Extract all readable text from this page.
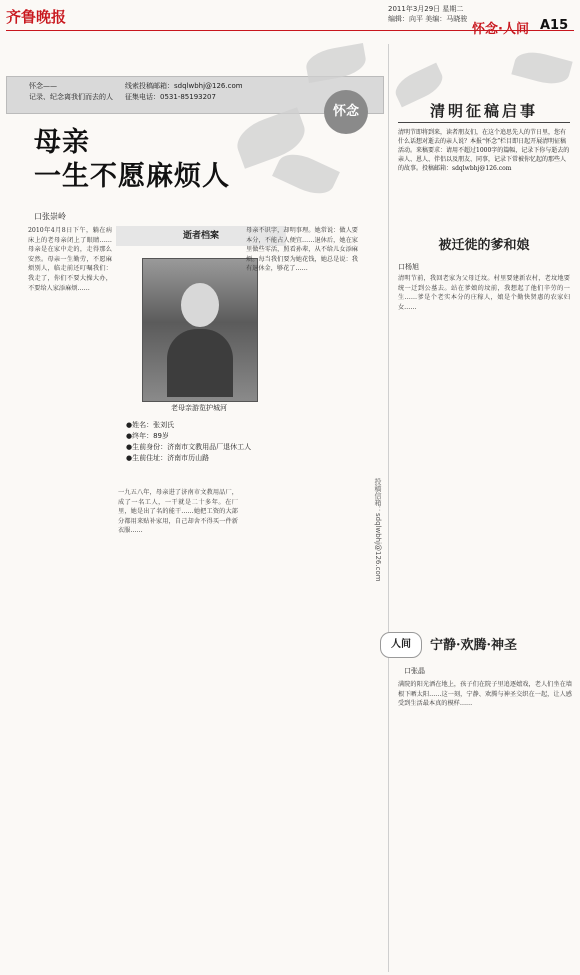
齐鲁晚报	2011年3月29日 星期二
编辑：向平 美编：马晓骏
怀念·人间 A15
怀念——
记录、纪念离我们而去的人
线索投稿邮箱：sdqlwbhj@126.com
征集电话：0531-85193207
怀念
母亲
一生不愿麻烦人
口张崇岭
2010年4月8日下午，躺在病床上的老母亲闭上了眼睛……母亲是在家中走的，走得那么安然。母亲一生勤劳，不愿麻烦别人，临走前还叮嘱我们：我走了，你们不要大操大办，不要给人家添麻烦……
逝者档案
老母亲游览护城河
●姓名：张刘氏
●终年：89岁
●生前身份：济南市文教用品厂退休工人
●生前住址：济南市历山路
一九五八年，母亲进了济南市文教用品厂，成了一名工人，一干就是二十多年。在厂里，她是出了名的能干……她把工资的大部分都用来贴补家用，自己却舍不得买一件新衣服……
母亲不识字，却明事理。她常说：做人要本分，不能占人便宜……退休后，她在家里做些零活，照看孙辈，从不给儿女添麻烦。每当我们要为她花钱，她总是说：我有退休金，够花了……
投稿信箱：sdqlwbhj@126.com
清明征稿启事
清明节即将到来，读者朋友们，在这个追思先人的节日里，您有什么话想对逝去的亲人说？本报“怀念”栏目即日起开展清明征稿活动。来稿要求：请用不超过1000字的篇幅，记录下你与逝去的亲人、恩人、伴侣以及朋友、同事，记录下常被你忆起的那些人的故事。投稿邮箱：sdqlwbhj@126.com
被迁徙的爹和娘
口杨旭
清明节前，我回老家为父母迁坟。村里要建新农村，老坟地要统一迁到公墓去。站在爹娘的坟前，我想起了他们辛劳的一生……爹是个老实本分的庄稼人，娘是个勤快贤惠的农家妇女……
人间	宁静·欢腾·神圣
口张晶
满院的阳光洒在地上，孩子们在院子里追逐嬉戏，老人们坐在墙根下晒太阳……这一刻，宁静、欢腾与神圣交织在一起，让人感受到生活最本真的模样……
